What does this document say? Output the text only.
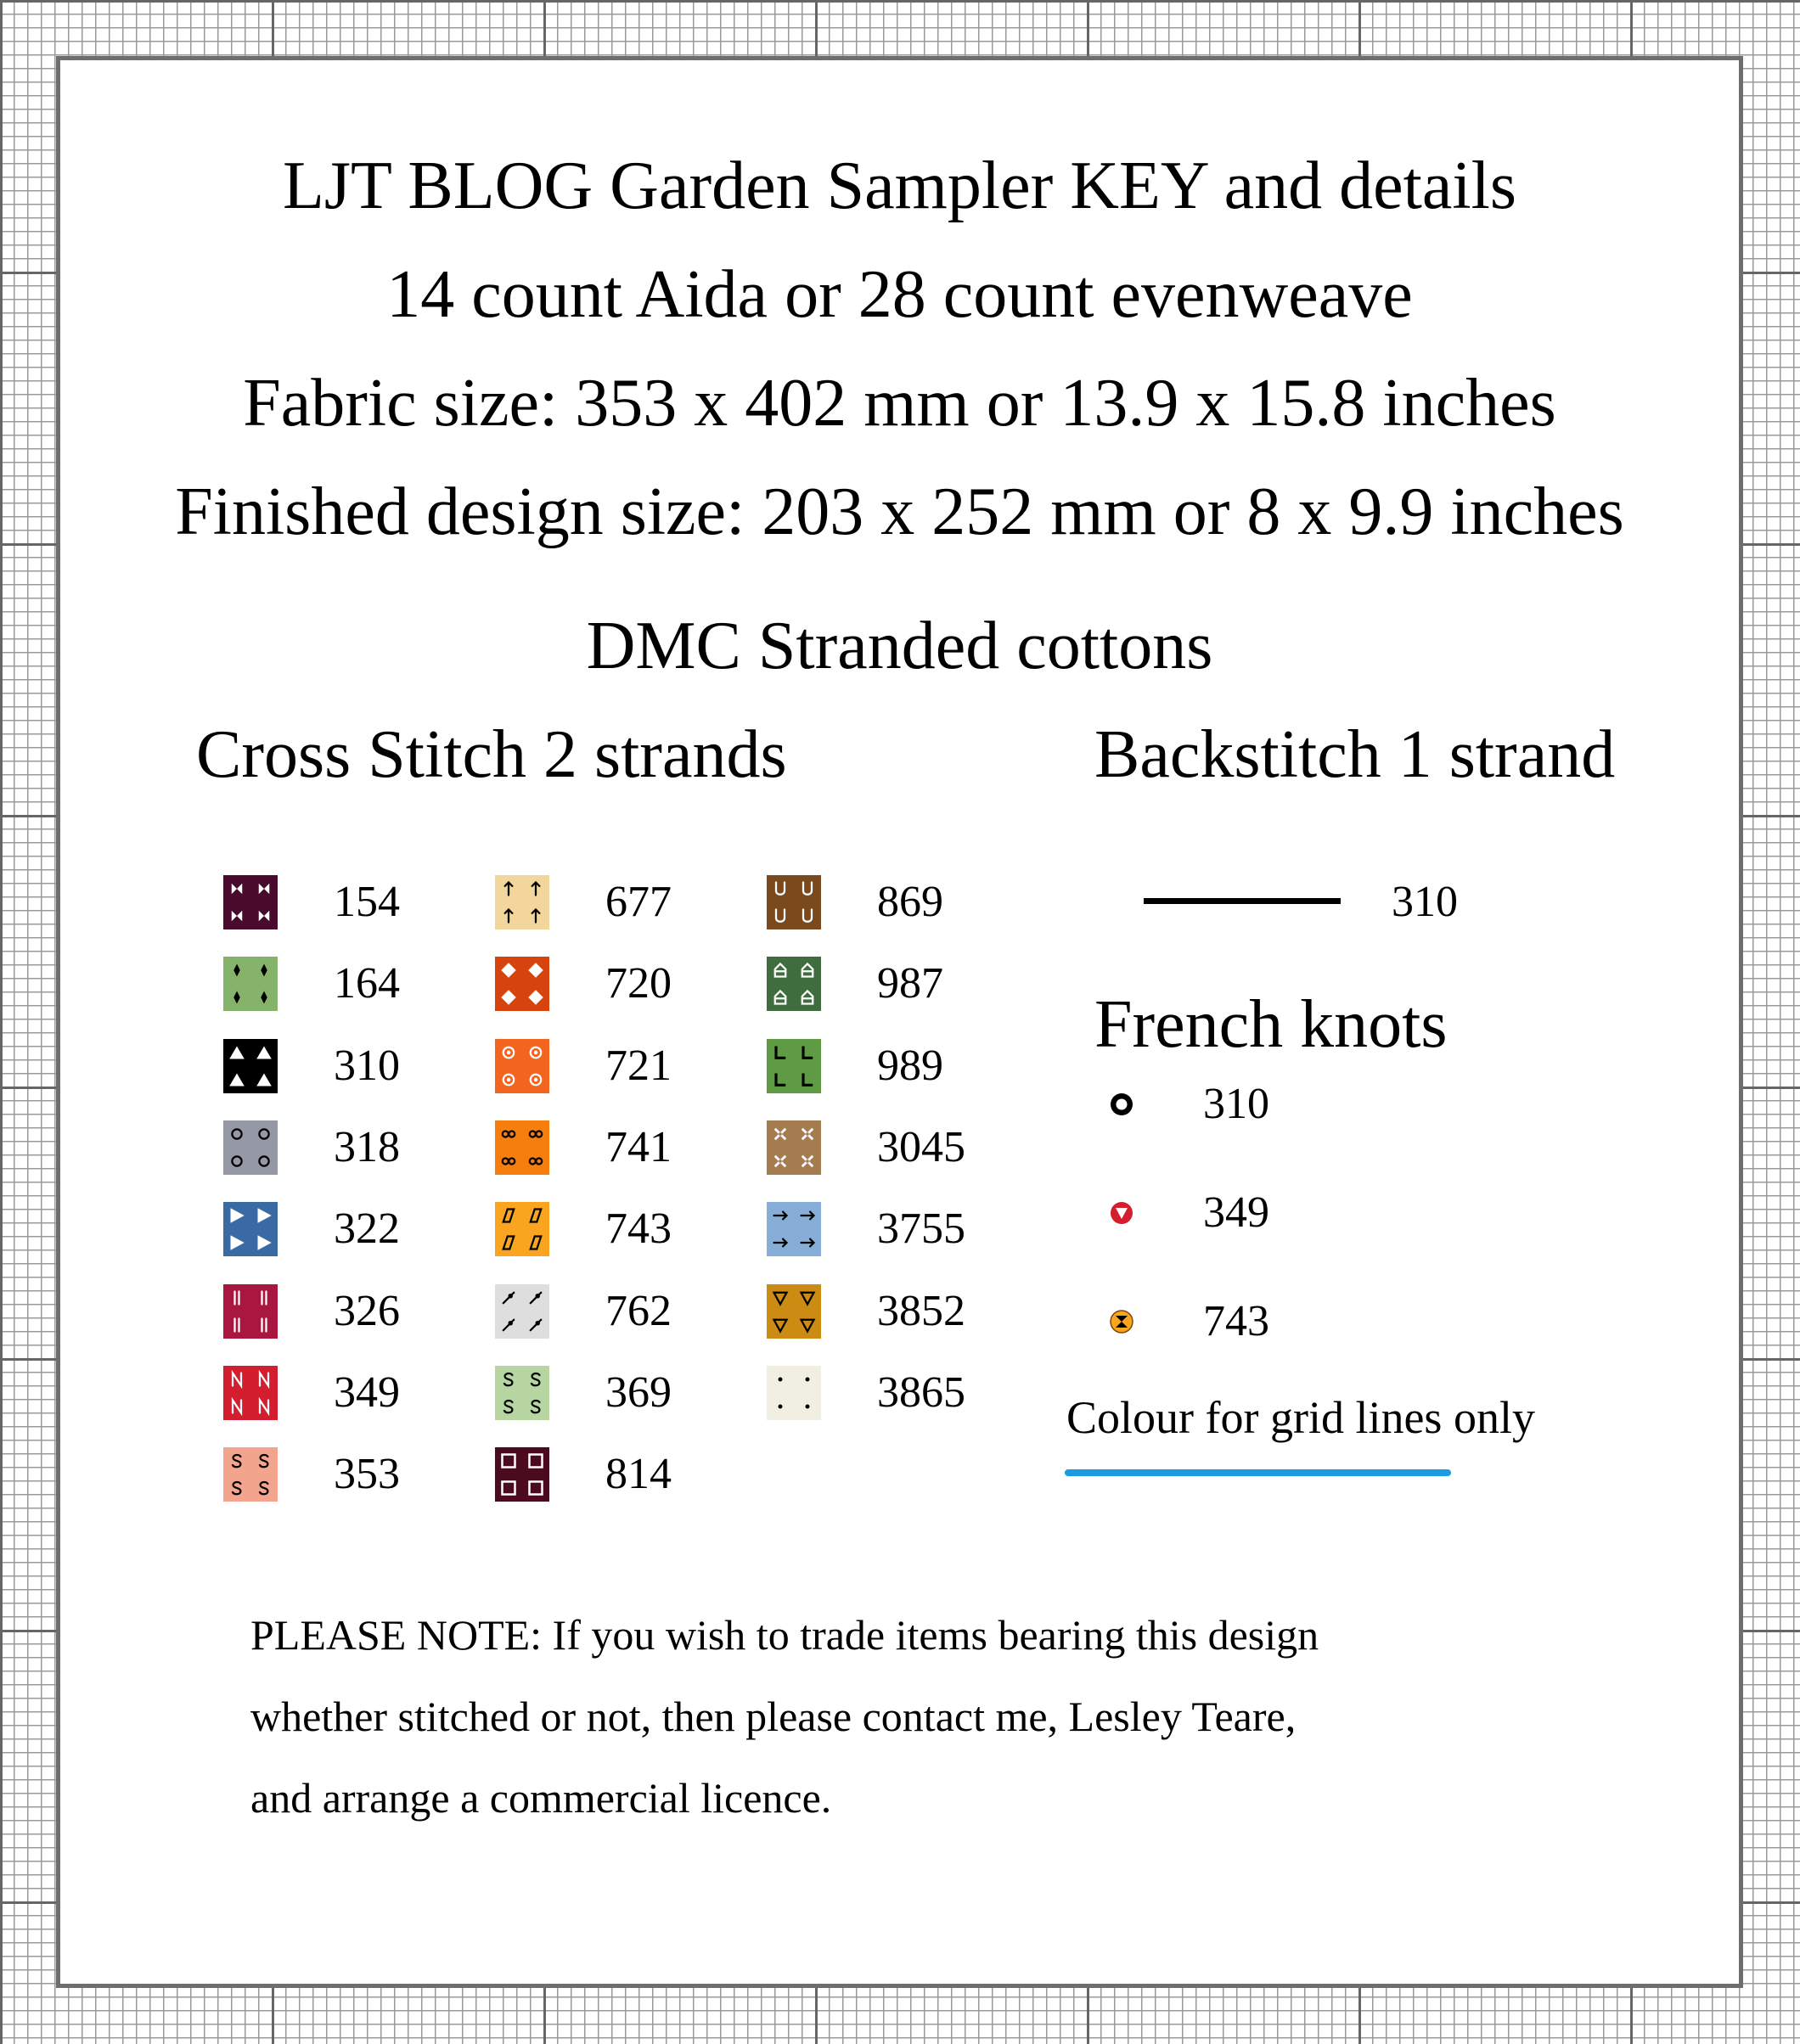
LJT BLOG Garden Sampler KEY and details
14 count Aida or 28 count evenweave
Fabric size: 353 x 402 mm or 13.9 x 15.8 inches
Finished design size: 203 x 252 mm or 8 x 9.9 inches
DMC Stranded cottons
Cross Stitch 2 strands	Backstitch 1 strand
154
164
310
318
322
326
349
353
677
720
721
741
743
762
369
814
869
987
989
3045
3755
3852
3865
310
French knots
310
349
743
Colour for grid lines only
PLEASE NOTE: If you wish to trade items bearing this design
whether stitched or not, then please contact me, Lesley Teare,
and arrange a commercial licence.
